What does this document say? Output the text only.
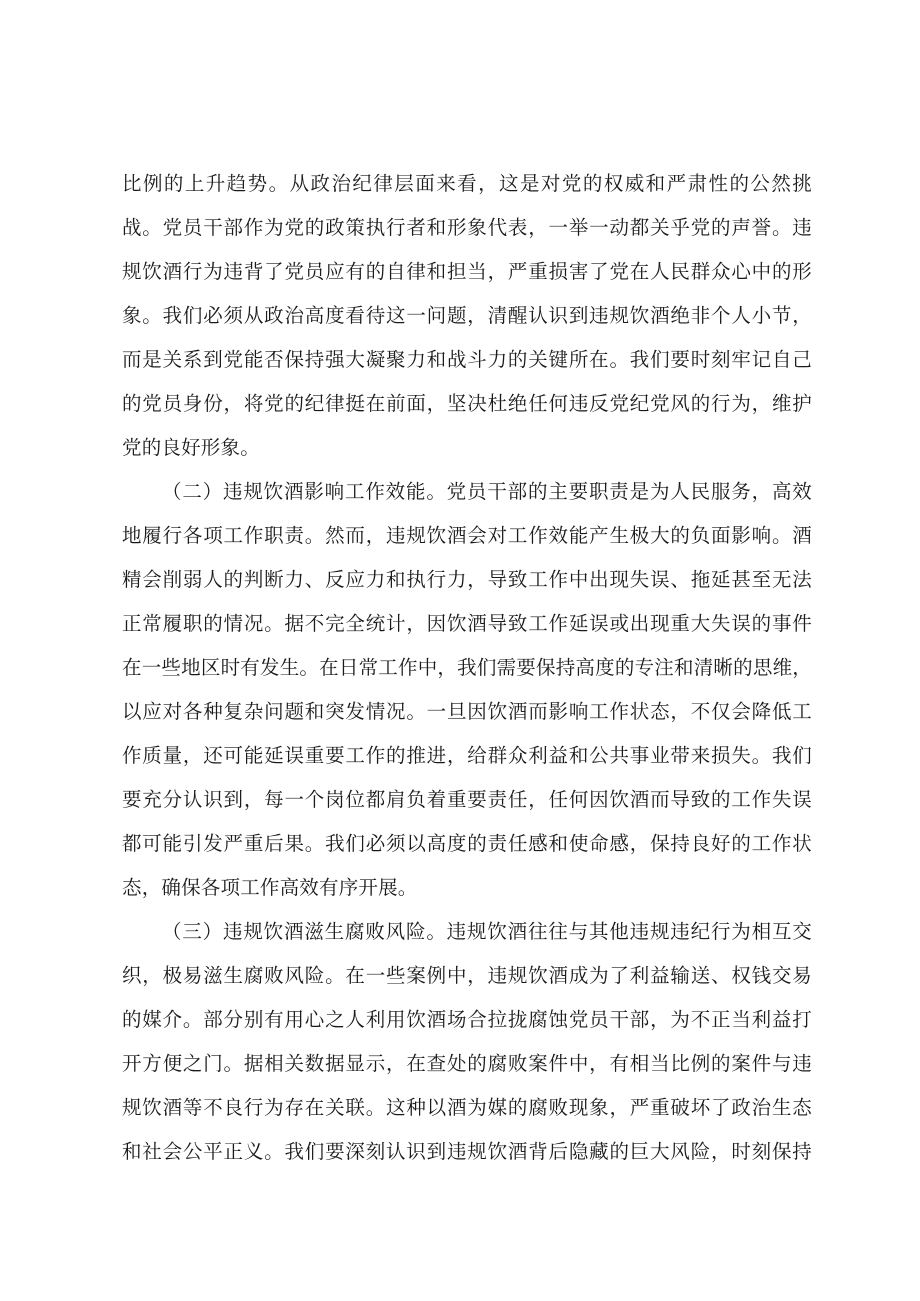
比例的上升趋势。从政治纪律层面来看，这是对党的权威和严肃性的公然挑
战。党员干部作为党的政策执行者和形象代表，一举一动都关乎党的声誉。违
规饮酒行为违背了党员应有的自律和担当，严重损害了党在人民群众心中的形
象。我们必须从政治高度看待这一问题，清醒认识到违规饮酒绝非个人小节，
而是关系到党能否保持强大凝聚力和战斗力的关键所在。我们要时刻牢记自己
的党员身份，将党的纪律挺在前面，坚决杜绝任何违反党纪党风的行为，维护
党的良好形象。
（二）违规饮酒影响工作效能。党员干部的主要职责是为人民服务，高效
地履行各项工作职责。然而，违规饮酒会对工作效能产生极大的负面影响。酒
精会削弱人的判断力、反应力和执行力，导致工作中出现失误、拖延甚至无法
正常履职的情况。据不完全统计，因饮酒导致工作延误或出现重大失误的事件
在一些地区时有发生。在日常工作中，我们需要保持高度的专注和清晰的思维，
以应对各种复杂问题和突发情况。一旦因饮酒而影响工作状态，不仅会降低工
作质量，还可能延误重要工作的推进，给群众利益和公共事业带来损失。我们
要充分认识到，每一个岗位都肩负着重要责任，任何因饮酒而导致的工作失误
都可能引发严重后果。我们必须以高度的责任感和使命感，保持良好的工作状
态，确保各项工作高效有序开展。
（三）违规饮酒滋生腐败风险。违规饮酒往往与其他违规违纪行为相互交
织，极易滋生腐败风险。在一些案例中，违规饮酒成为了利益输送、权钱交易
的媒介。部分别有用心之人利用饮酒场合拉拢腐蚀党员干部，为不正当利益打
开方便之门。据相关数据显示，在查处的腐败案件中，有相当比例的案件与违
规饮酒等不良行为存在关联。这种以酒为媒的腐败现象，严重破坏了政治生态
和社会公平正义。我们要深刻认识到违规饮酒背后隐藏的巨大风险，时刻保持
